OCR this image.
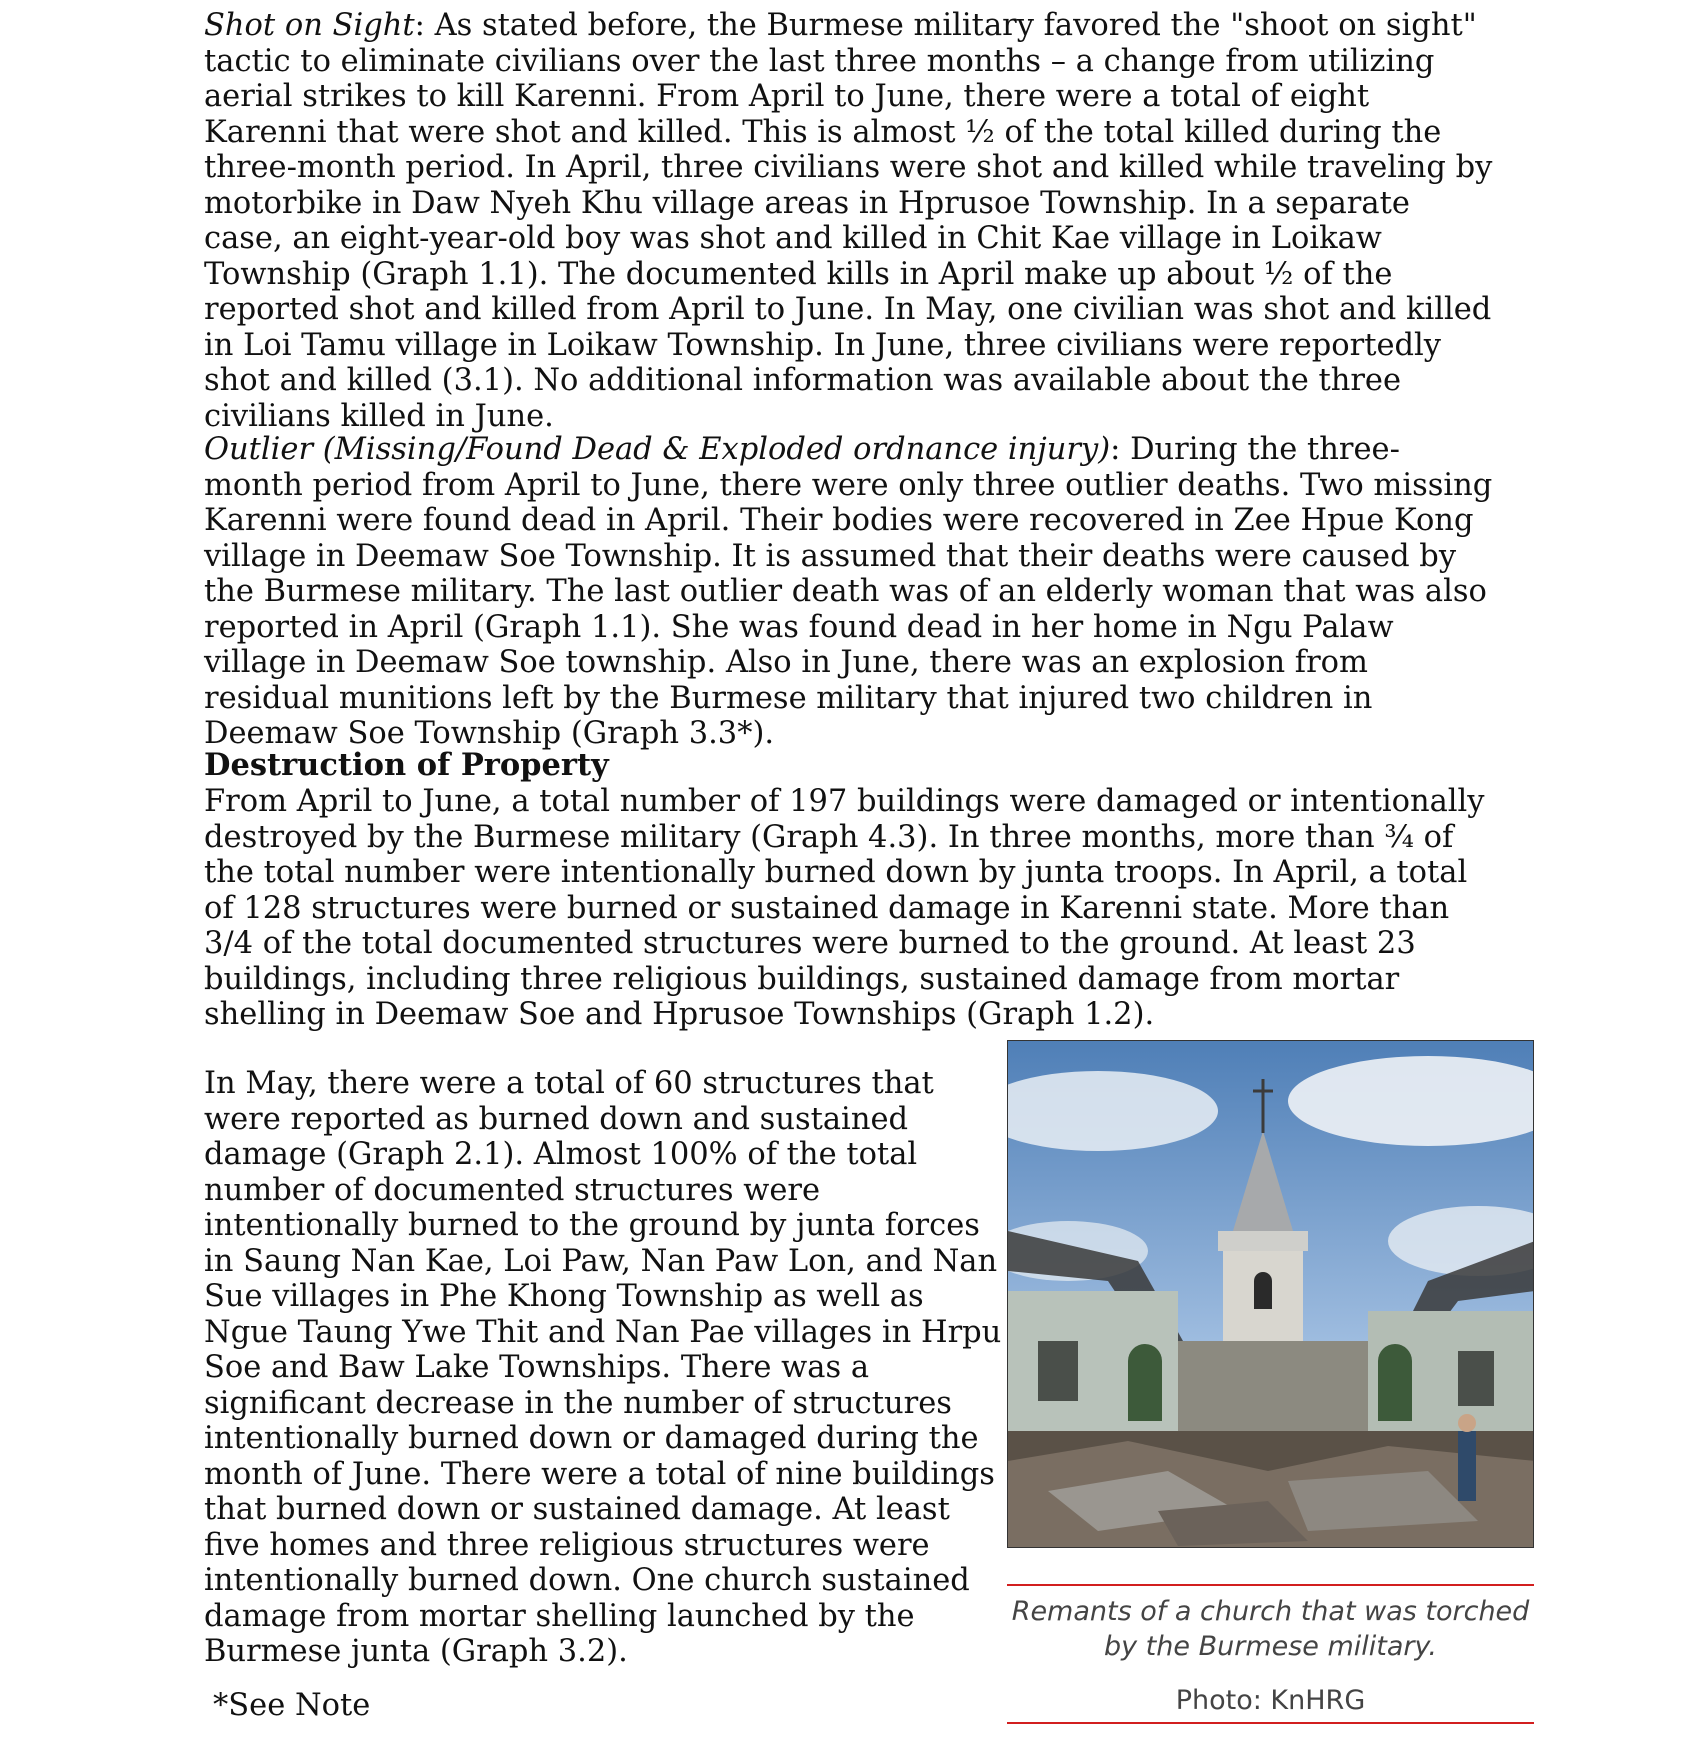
Shot on Sight: As stated before, the Burmese military favored the "shoot on sight" tactic to eliminate civilians over the last three months – a change from utilizing aerial strikes to kill Karenni. From April to June, there were a total of eight Karenni that were shot and killed. This is almost ½ of the total killed during the three-month period. In April, three civilians were shot and killed while traveling by motorbike in Daw Nyeh Khu village areas in Hprusoe Township. In a separate case, an eight-year-old boy was shot and killed in Chit Kae village in Loikaw Township (Graph 1.1). The documented kills in April make up about ½ of the reported shot and killed from April to June. In May, one civilian was shot and killed in Loi Tamu village in Loikaw Township. In June, three civilians were reportedly shot and killed (3.1). No additional information was available about the three civilians killed in June.

Outlier (Missing/Found Dead & Exploded ordnance injury): During the three-month period from April to June, there were only three outlier deaths. Two missing Karenni were found dead in April. Their bodies were recovered in Zee Hpue Kong village in Deemaw Soe Township. It is assumed that their deaths were caused by the Burmese military. The last outlier death was of an elderly woman that was also reported in April (Graph 1.1). She was found dead in her home in Ngu Palaw village in Deemaw Soe township. Also in June, there was an explosion from residual munitions left by the Burmese military that injured two children in Deemaw Soe Township (Graph 3.3*).

Destruction of Property

From April to June, a total number of 197 buildings were damaged or intentionally destroyed by the Burmese military (Graph 4.3). In three months, more than ¾ of the total number were intentionally burned down by junta troops. In April, a total of 128 structures were burned or sustained damage in Karenni state. More than 3/4 of the total documented structures were burned to the ground. At least 23 buildings, including three religious buildings, sustained damage from mortar shelling in Deemaw Soe and Hprusoe Townships (Graph 1.2).

In May, there were a total of 60 structures that were reported as burned down and sustained damage (Graph 2.1). Almost 100% of the total number of documented structures were intentionally burned to the ground by junta forces in Saung Nan Kae, Loi Paw, Nan Paw Lon, and Nan Sue villages in Phe Khong Township as well as Ngue Taung Ywe Thit and Nan Pae villages in Hrpu Soe and Baw Lake Townships. There was a significant decrease in the number of structures intentionally burned down or damaged during the month of June. There were a total of nine buildings that burned down or sustained damage. At least five homes and three religious structures were intentionally burned down. One church sustained damage from mortar shelling launched by the Burmese junta (Graph 3.2).

Remants of a church that was torched by the Burmese military.

Photo: KnHRG

*See Note
